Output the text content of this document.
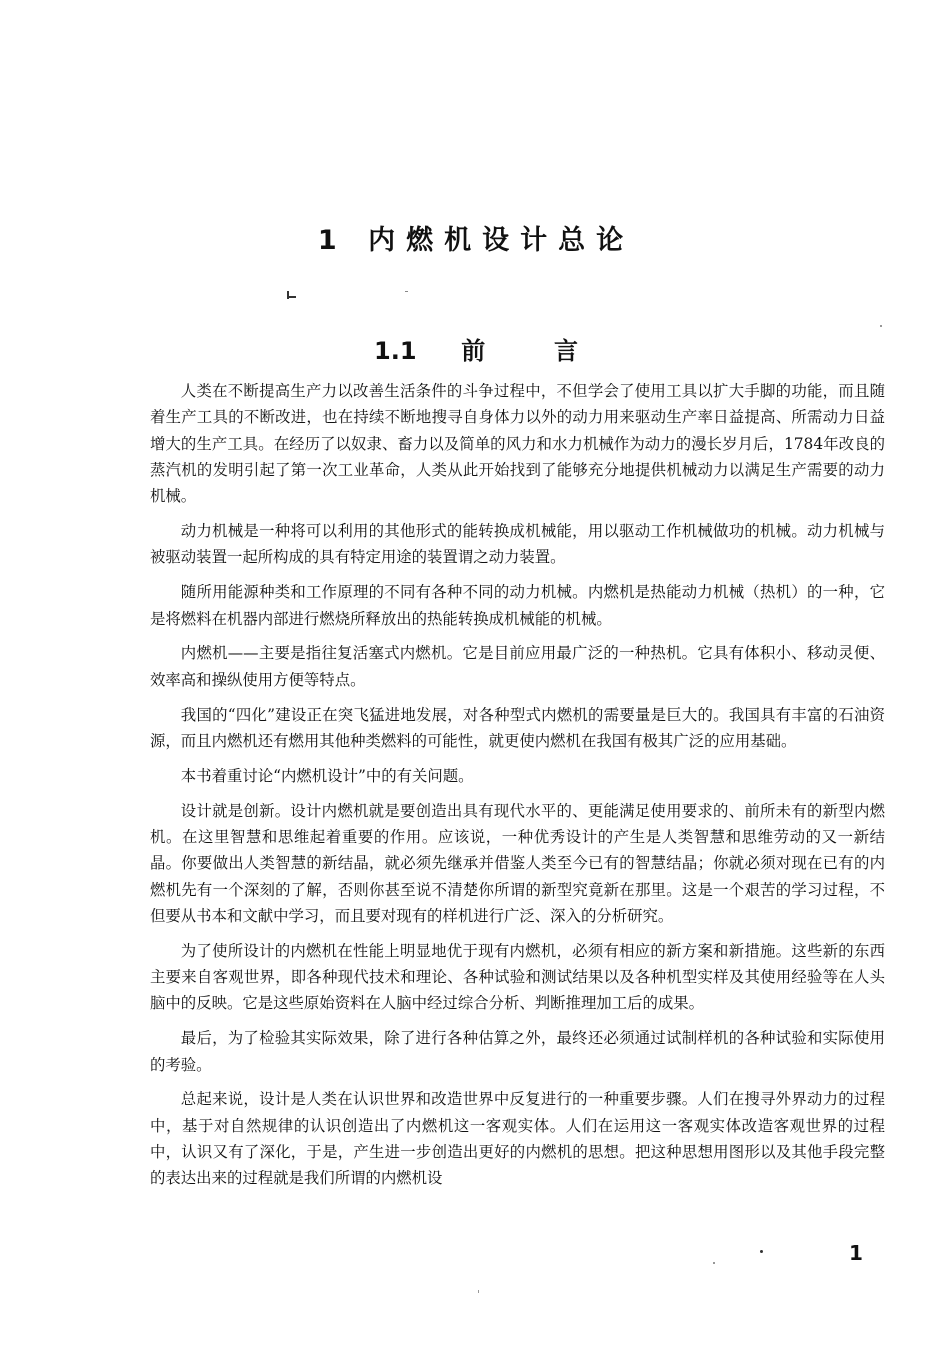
1 内燃机设计总论
1.1 前	言

人类在不断提高生产力以改善生活条件的斗争过程中，不但学会了使用工具以扩大手脚的功能，而且随着生产工具的不断改进，也在持续不断地搜寻自身体力以外的动力用来驱动生产率日益提高、所需动力日益增大的生产工具。在经历了以奴隶、畜力以及简单的风力和水力机械作为动力的漫长岁月后，1784年改良的蒸汽机的发明引起了第一次工业革命，人类从此开始找到了能够充分地提供机械动力以满足生产需要的动力机械。

动力机械是一种将可以利用的其他形式的能转换成机械能，用以驱动工作机械做功的机械。动力机械与被驱动装置一起所构成的具有特定用途的装置谓之动力装置。

随所用能源种类和工作原理的不同有各种不同的动力机械。内燃机是热能动力机械（热机）的一种，它是将燃料在机器内部进行燃烧所释放出的热能转换成机械能的机械。

内燃机——主要是指往复活塞式内燃机。它是目前应用最广泛的一种热机。它具有体积小、移动灵便、效率高和操纵使用方便等特点。

我国的“四化”建设正在突飞猛进地发展，对各种型式内燃机的需要量是巨大的。我国具有丰富的石油资源，而且内燃机还有燃用其他种类燃料的可能性，就更使内燃机在我国有极其广泛的应用基础。

本书着重讨论“内燃机设计”中的有关问题。

设计就是创新。设计内燃机就是要创造出具有现代水平的、更能满足使用要求的、前所未有的新型内燃机。在这里智慧和思维起着重要的作用。应该说，一种优秀设计的产生是人类智慧和思维劳动的又一新结晶。你要做出人类智慧的新结晶，就必须先继承并借鉴人类至今已有的智慧结晶；你就必须对现在已有的内燃机先有一个深刻的了解，否则你甚至说不清楚你所谓的新型究竟新在那里。这是一个艰苦的学习过程，不但要从书本和文献中学习，而且要对现有的样机进行广泛、深入的分析研究。

为了使所设计的内燃机在性能上明显地优于现有内燃机，必须有相应的新方案和新措施。这些新的东西主要来自客观世界，即各种现代技术和理论、各种试验和测试结果以及各种机型实样及其使用经验等在人头脑中的反映。它是这些原始资料在人脑中经过综合分析、判断推理加工后的成果。

最后，为了检验其实际效果，除了进行各种估算之外，最终还必须通过试制样机的各种试验和实际使用的考验。

总起来说，设计是人类在认识世界和改造世界中反复进行的一种重要步骤。人们在搜寻外界动力的过程中，基于对自然规律的认识创造出了内燃机这一客观实体。人们在运用这一客观实体改造客观世界的过程中，认识又有了深化，于是，产生进一步创造出更好的内燃机的思想。把这种思想用图形以及其他手段完整的表达出来的过程就是我们所谓的内燃机设

1
